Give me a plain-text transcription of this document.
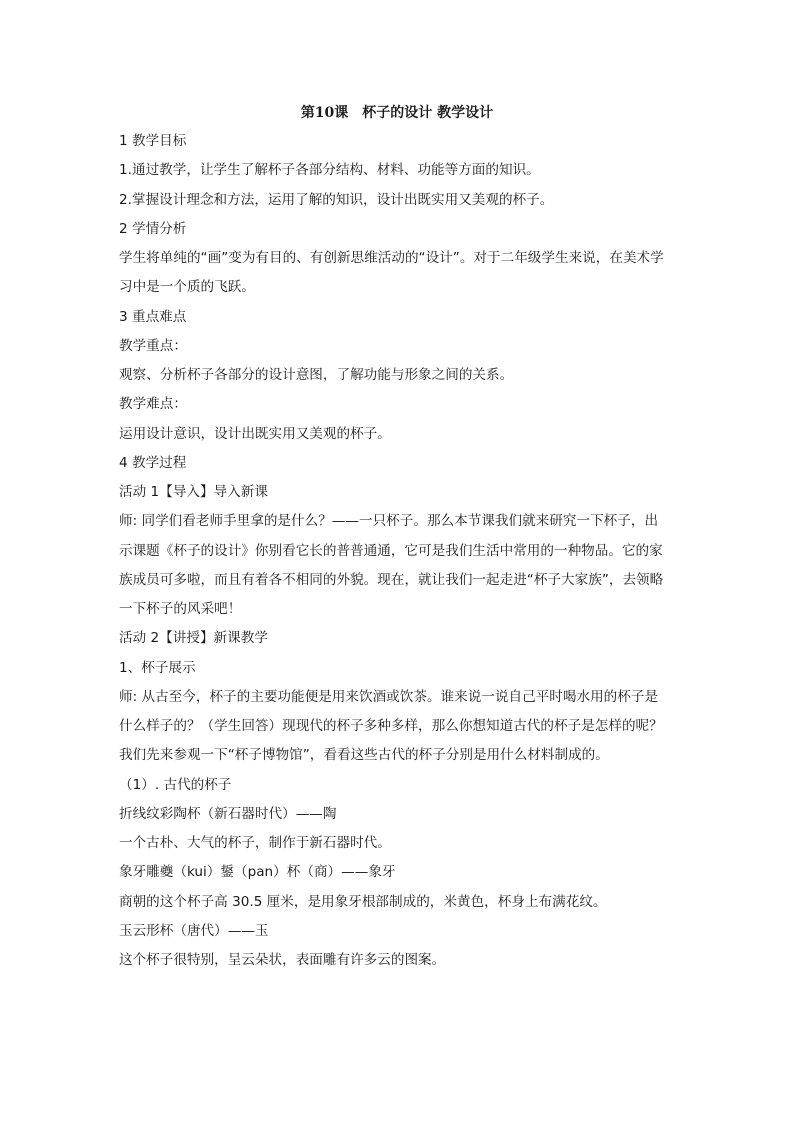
第10课　杯子的设计 教学设计
1 教学目标
1.通过教学，让学生了解杯子各部分结构、材料、功能等方面的知识。
2.掌握设计理念和方法，运用了解的知识，设计出既实用又美观的杯子。
2 学情分析
学生将单纯的“画”变为有目的、有创新思维活动的“设计”。对于二年级学生来说，在美术学
习中是一个质的飞跃。
3 重点难点
教学重点：
观察、分析杯子各部分的设计意图，了解功能与形象之间的关系。
教学难点：
运用设计意识，设计出既实用又美观的杯子。
4 教学过程
活动 1【导入】导入新课
师: 同学们看老师手里拿的是什么？——一只杯子。那么本节课我们就来研究一下杯子，出
示课题《杯子的设计》你别看它长的普普通通，它可是我们生活中常用的一种物品。它的家
族成员可多啦，而且有着各不相同的外貌。现在，就让我们一起走进“杯子大家族”，去领略
一下杯子的风采吧！
活动 2【讲授】新课教学
1、杯子展示
师: 从古至今，杯子的主要功能便是用来饮酒或饮茶。谁来说一说自己平时喝水用的杯子是
什么样子的？（学生回答）现现代的杯子多种多样，那么你想知道古代的杯子是怎样的呢？
我们先来参观一下“杯子博物馆”，看看这些古代的杯子分别是用什么材料制成的。
（1）. 古代的杯子
折线纹彩陶杯（新石器时代）——陶
一个古朴、大气的杯子，制作于新石器时代。
象牙雕夔（kui）鋬（pan）杯（商）——象牙
商朝的这个杯子高 30.5 厘米，是用象牙根部制成的，米黄色，杯身上布满花纹。
玉云形杯（唐代）——玉
这个杯子很特别，呈云朵状，表面雕有许多云的图案。
